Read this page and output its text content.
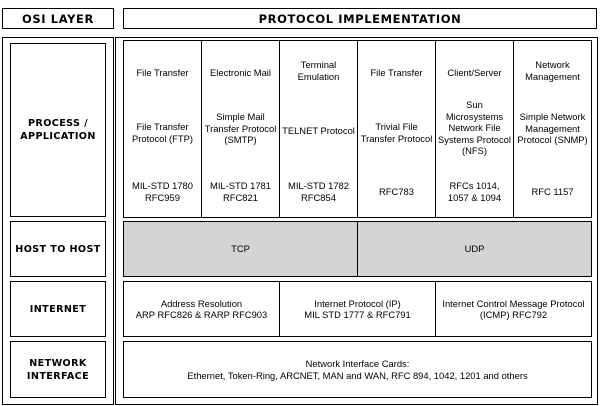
OSI LAYER	PROTOCOL IMPLEMENTATION
PROCESS /
APPLICATION
HOST TO HOST
INTERNET
NETWORK
INTERFACE
File Transfer
File Transfer
Protocol (FTP)
MIL-STD 1780
RFC959
Electronic Mail
Simple Mail
Transfer Protocol
(SMTP)
MIL-STD 1781
RFC821
Terminal
Emulation
TELNET Protocol
MIL-STD 1782
RFC854
File Transfer
Trivial File
Transfer Protocol
RFC783
Client/Server
Sun
Microsystems
Network File
Systems Protocol
(NFS)
RFCs 1014,
1057 & 1094
Network
Management
Simple Network
Management
Protocol (SNMP)
RFC 1157
TCP	UDP
Address Resolution
ARP RFC826 & RARP RFC903
Internet Protocol (IP)
MIL STD 1777 & RFC791
Internet Control Message Protocol
(ICMP) RFC792
Network Interface Cards:
Ethernet, Token-Ring, ARCNET, MAN and WAN, RFC 894, 1042, 1201 and others
